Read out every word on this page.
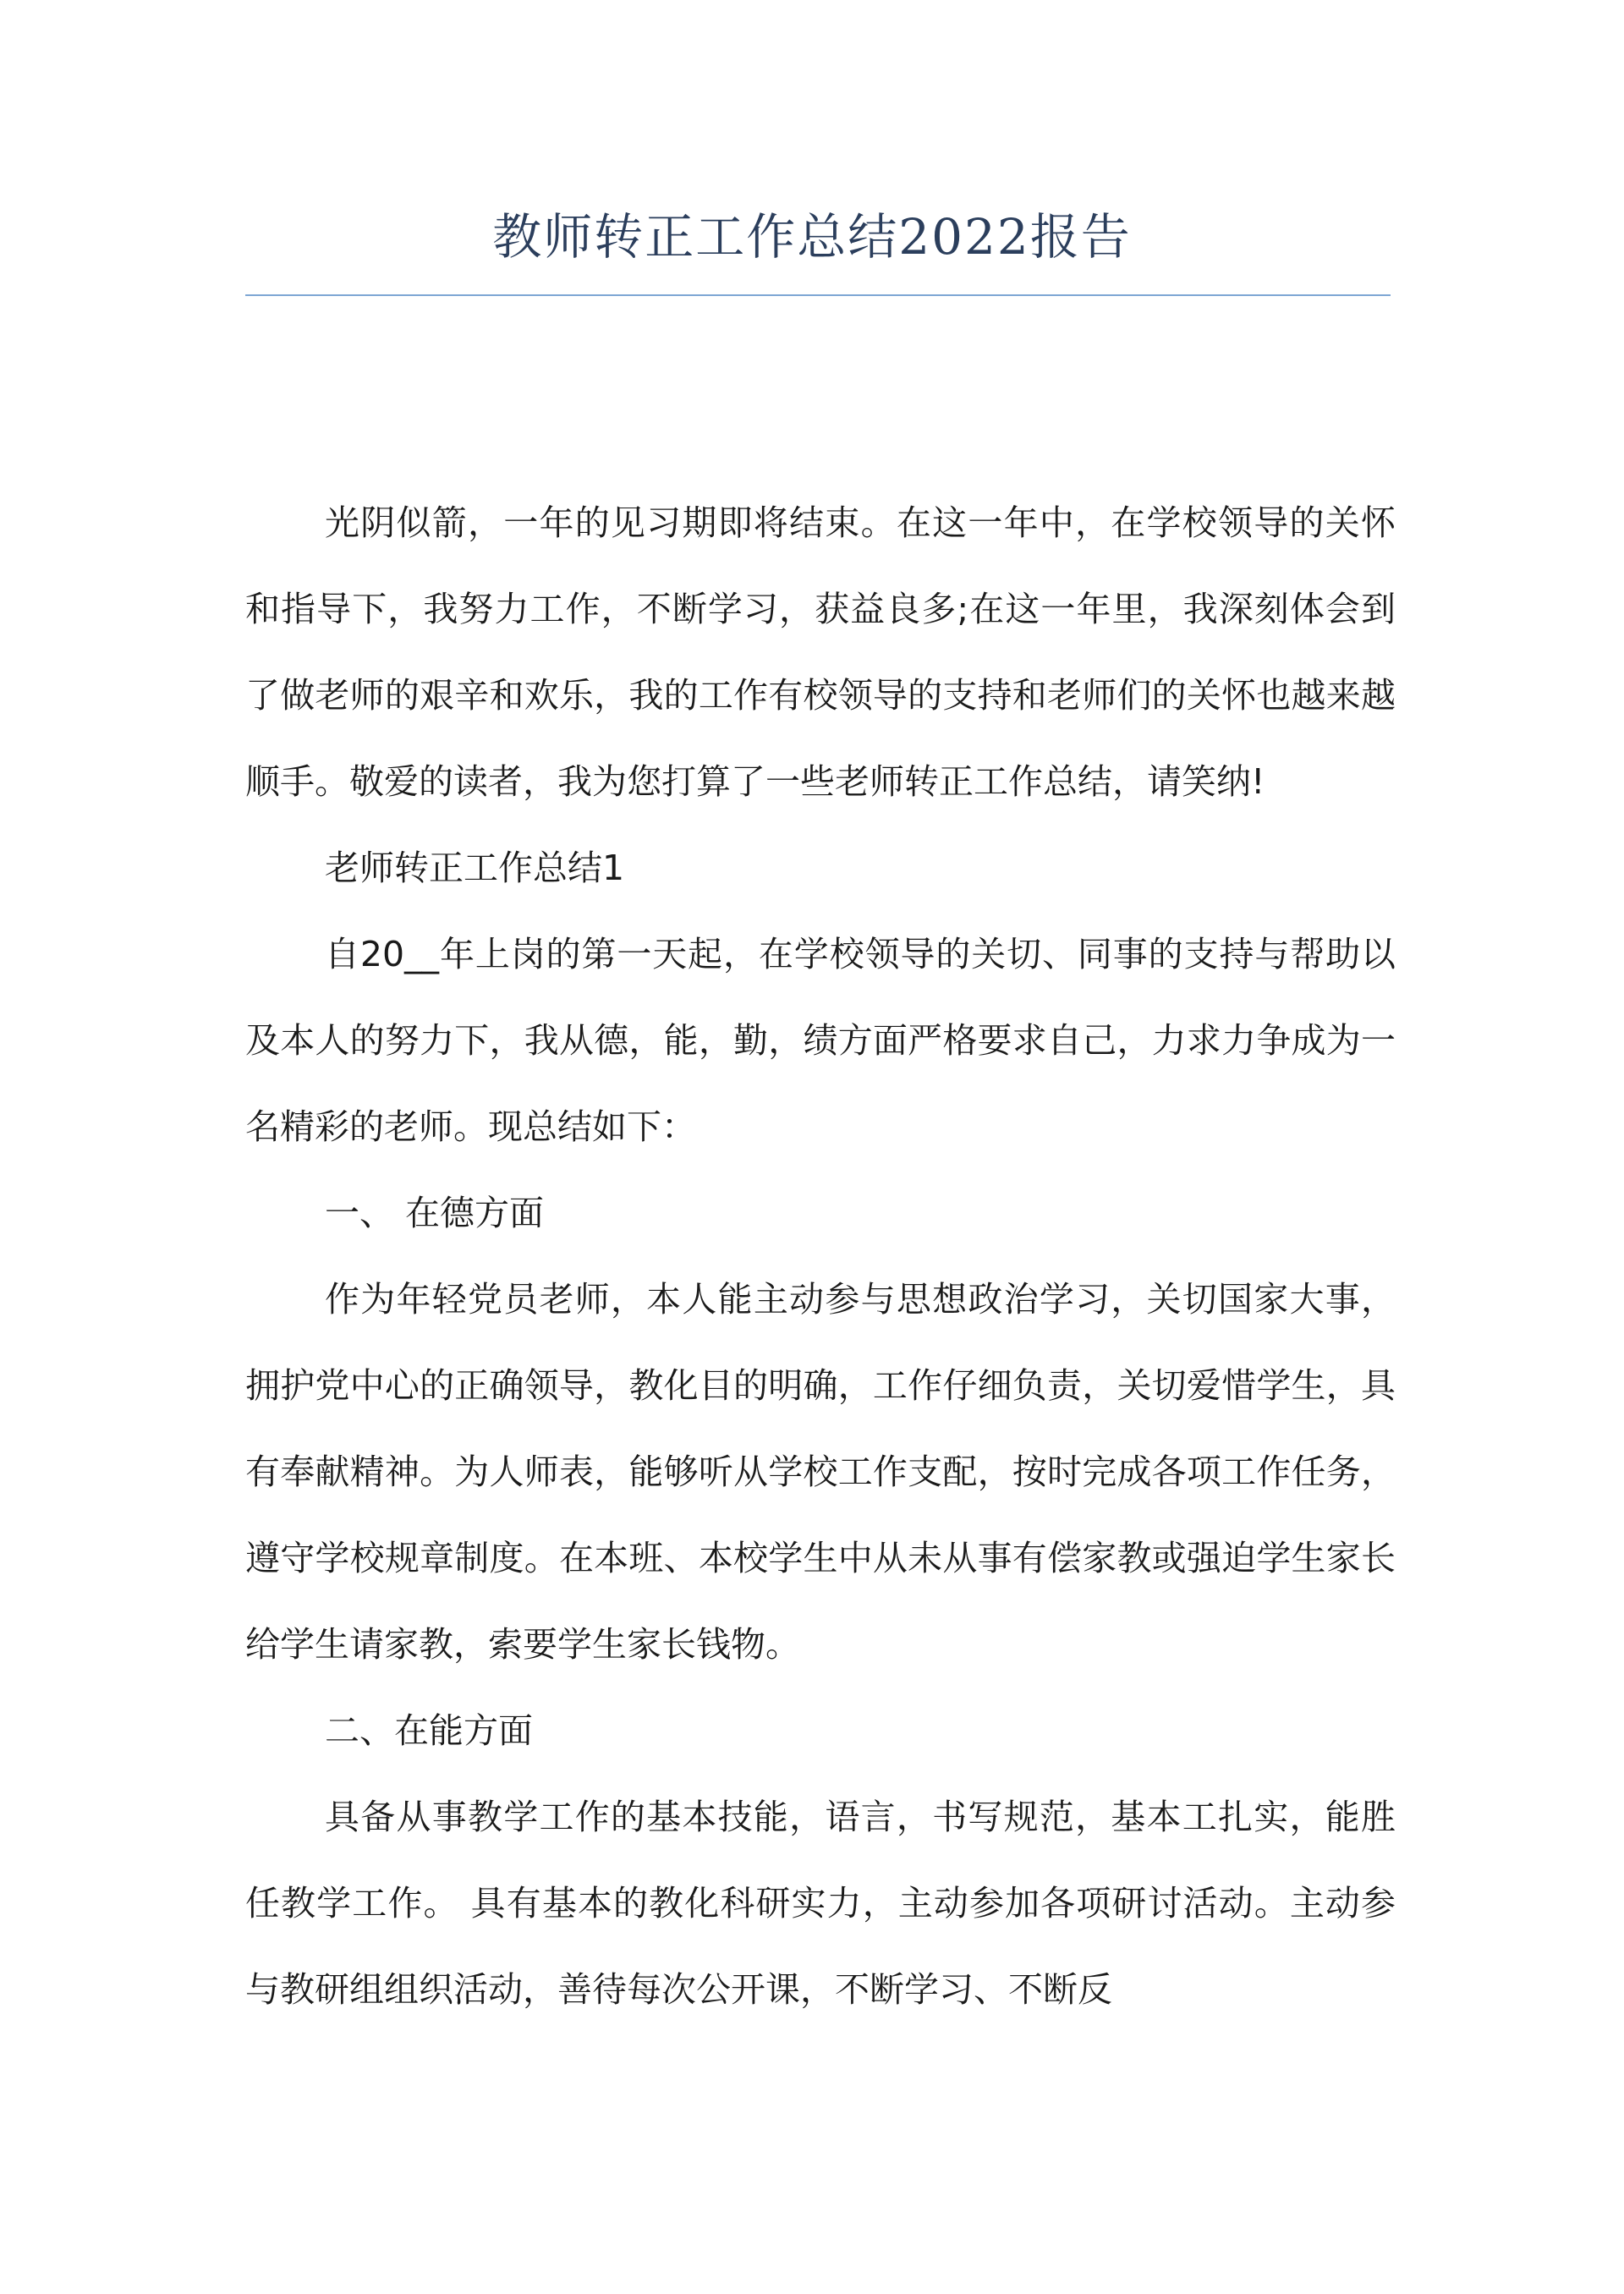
教师转正工作总结2022报告

光阴似箭，一年的见习期即将结束。在这一年中，在学校领导的关怀和指导下，我努力工作，不断学习，获益良多;在这一年里，我深刻体会到了做老师的艰辛和欢乐，我的工作有校领导的支持和老师们的关怀也越来越顺手。敬爱的读者，我为您打算了一些老师转正工作总结，请笑纳!

老师转正工作总结1

自20__年上岗的第一天起，在学校领导的关切、同事的支持与帮助以及本人的努力下，我从德，能，勤，绩方面严格要求自己，力求力争成为一名精彩的老师。现总结如下：

一、 在德方面

作为年轻党员老师，本人能主动参与思想政治学习，关切国家大事，拥护党中心的正确领导，教化目的明确，工作仔细负责，关切爱惜学生，具有奉献精神。为人师表，能够听从学校工作支配，按时完成各项工作任务，遵守学校规章制度。在本班、本校学生中从未从事有偿家教或强迫学生家长给学生请家教，索要学生家长钱物。

二、在能方面

具备从事教学工作的基本技能，语言，书写规范，基本工扎实，能胜任教学工作。 具有基本的教化科研实力，主动参加各项研讨活动。主动参与教研组组织活动，善待每次公开课，不断学习、不断反
